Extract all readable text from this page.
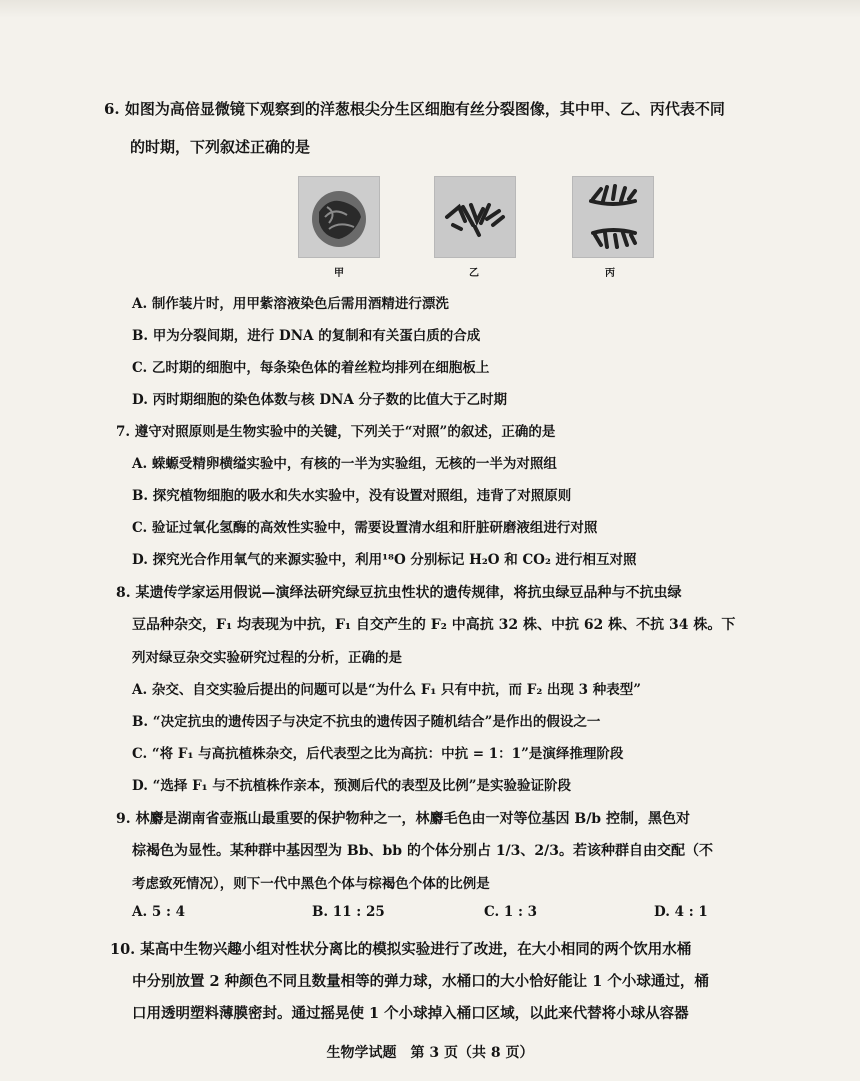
6. 如图为高倍显微镜下观察到的洋葱根尖分生区细胞有丝分裂图像，其中甲、乙、丙代表不同
的时期，下列叙述正确的是
甲	乙	丙
A. 制作装片时，用甲紫溶液染色后需用酒精进行漂洗
B. 甲为分裂间期，进行 DNA 的复制和有关蛋白质的合成
C. 乙时期的细胞中，每条染色体的着丝粒均排列在细胞板上
D. 丙时期细胞的染色体数与核 DNA 分子数的比值大于乙时期
7. 遵守对照原则是生物实验中的关键，下列关于“对照”的叙述，正确的是
A. 蝾螈受精卵横缢实验中，有核的一半为实验组，无核的一半为对照组
B. 探究植物细胞的吸水和失水实验中，没有设置对照组，违背了对照原则
C. 验证过氧化氢酶的高效性实验中，需要设置清水组和肝脏研磨液组进行对照
D. 探究光合作用氧气的来源实验中，利用¹⁸O 分别标记 H₂O 和 CO₂ 进行相互对照
8. 某遗传学家运用假说—演绎法研究绿豆抗虫性状的遗传规律，将抗虫绿豆品种与不抗虫绿
豆品种杂交，F₁ 均表现为中抗，F₁ 自交产生的 F₂ 中高抗 32 株、中抗 62 株、不抗 34 株。下
列对绿豆杂交实验研究过程的分析，正确的是
A. 杂交、自交实验后提出的问题可以是“为什么 F₁ 只有中抗，而 F₂ 出现 3 种表型”
B. “决定抗虫的遗传因子与决定不抗虫的遗传因子随机结合”是作出的假设之一
C. “将 F₁ 与高抗植株杂交，后代表型之比为高抗：中抗 = 1：1”是演绎推理阶段
D. “选择 F₁ 与不抗植株作亲本，预测后代的表型及比例”是实验验证阶段
9. 林麝是湖南省壶瓶山最重要的保护物种之一，林麝毛色由一对等位基因 B/b 控制，黑色对
棕褐色为显性。某种群中基因型为 Bb、bb 的个体分别占 1/3、2/3。若该种群自由交配（不
考虑致死情况），则下一代中黑色个体与棕褐色个体的比例是
A. 5 : 4	B. 11 : 25	C. 1 : 3	D. 4 : 1
10. 某高中生物兴趣小组对性状分离比的模拟实验进行了改进，在大小相同的两个饮用水桶
中分别放置 2 种颜色不同且数量相等的弹力球，水桶口的大小恰好能让 1 个小球通过，桶
口用透明塑料薄膜密封。通过摇晃使 1 个小球掉入桶口区域，以此来代替将小球从容器
生物学试题　第 3 页（共 8 页）
